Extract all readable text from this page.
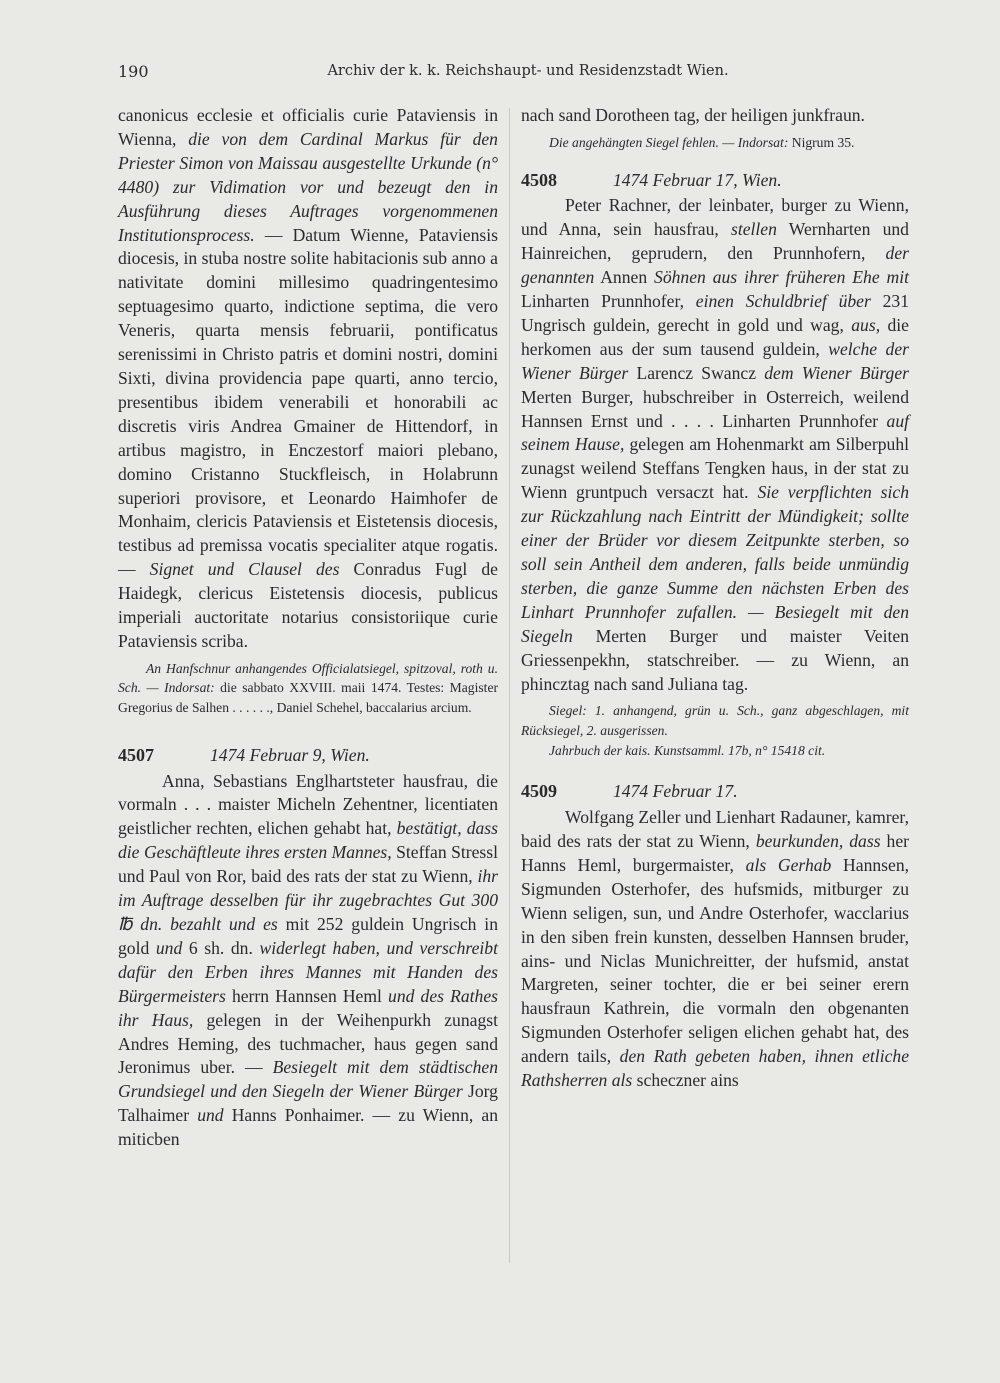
190	Archiv der k. k. Reichshaupt- und Residenzstadt Wien.

canonicus ecclesie et officialis curie Pataviensis in Wienna, die von dem Cardinal Markus für den Priester Simon von Maissau ausgestellte Urkunde (n° 4480) zur Vidimation vor und bezeugt den in Ausführung dieses Auftrages vorgenommenen Institutionsprocess. — Datum Wienne, Pataviensis diocesis, in stuba nostre solite habitacionis sub anno a nativitate domini millesimo quadringentesimo septuagesimo quarto, indictione septima, die vero Veneris, quarta mensis februarii, pontificatus serenissimi in Christo patris et domini nostri, domini Sixti, divina providencia pape quarti, anno tercio, presentibus ibidem venerabili et honorabili ac discretis viris Andrea Gmainer de Hittendorf, in artibus magistro, in Enczestorf maiori plebano, domino Cristanno Stuckfleisch, in Holabrunn superiori provisore, et Leonardo Haimhofer de Monhaim, clericis Pataviensis et Eistetensis diocesis, testibus ad premissa vocatis specialiter atque rogatis. — Signet und Clausel des Conradus Fugl de Haidegk, clericus Eistetensis diocesis, publicus imperiali auctoritate notarius consistoriique curie Pataviensis scriba.

An Hanfschnur anhangendes Officialatsiegel, spitzoval, roth u. Sch. — Indorsat: die sabbato XXVIII. maii 1474. Testes: Magister Gregorius de Salhen . . . . . ., Daniel Schehel, baccalarius arcium.

4507	1474 Februar 9, Wien.

Anna, Sebastians Englhartsteter hausfrau, die vormaln . . . maister Micheln Zehentner, licentiaten geistlicher rechten, elichen gehabt hat, bestätigt, dass die Geschäftleute ihres ersten Mannes, Steffan Stressl und Paul von Ror, baid des rats der stat zu Wienn, ihr im Auftrage desselben für ihr zugebrachtes Gut 300 ℔ dn. bezahlt und es mit 252 guldein Ungrisch in gold und 6 sh. dn. widerlegt haben, und verschreibt dafür den Erben ihres Mannes mit Handen des Bürgermeisters herrn Hannsen Heml und des Rathes ihr Haus, gelegen in der Weihenpurkh zunagst Andres Heming, des tuchmacher, haus gegen sand Jeronimus uber. — Besiegelt mit dem städtischen Grundsiegel und den Siegeln der Wiener Bürger Jorg Talhaimer und Hanns Ponhaimer. — zu Wienn, an miticben

nach sand Dorotheen tag, der heiligen junkfraun.

Die angehängten Siegel fehlen. — Indorsat: Nigrum 35.

4508	1474 Februar 17, Wien.

Peter Rachner, der leinbater, burger zu Wienn, und Anna, sein hausfrau, stellen Wernharten und Hainreichen, geprudern, den Prunnhofern, der genannten Annen Söhnen aus ihrer früheren Ehe mit Linharten Prunnhofer, einen Schuldbrief über 231 Ungrisch guldein, gerecht in gold und wag, aus, die herkomen aus der sum tausend guldein, welche der Wiener Bürger Larencz Swancz dem Wiener Bürger Merten Burger, hubschreiber in Osterreich, weilend Hannsen Ernst und . . . . Linharten Prunnhofer auf seinem Hause, gelegen am Hohenmarkt am Silberpuhl zunagst weilend Steffans Tengken haus, in der stat zu Wienn gruntpuch versaczt hat. Sie verpflichten sich zur Rückzahlung nach Eintritt der Mündigkeit; sollte einer der Brüder vor diesem Zeitpunkte sterben, so soll sein Antheil dem anderen, falls beide unmündig sterben, die ganze Summe den nächsten Erben des Linhart Prunnhofer zufallen. — Besiegelt mit den Siegeln Merten Burger und maister Veiten Griessenpekhn, statschreiber. — zu Wienn, an phincztag nach sand Juliana tag.

Siegel: 1. anhangend, grün u. Sch., ganz abgeschlagen, mit Rücksiegel, 2. ausgerissen.

Jahrbuch der kais. Kunstsamml. 17b, n° 15418 cit.

4509	1474 Februar 17.

Wolfgang Zeller und Lienhart Radauner, kamrer, baid des rats der stat zu Wienn, beurkunden, dass her Hanns Heml, burgermaister, als Gerhab Hannsen, Sigmunden Osterhofer, des hufsmids, mitburger zu Wienn seligen, sun, und Andre Osterhofer, wacclarius in den siben frein kunsten, desselben Hannsen bruder, ains- und Niclas Munichreitter, der hufsmid, anstat Margreten, seiner tochter, die er bei seiner erern hausfraun Kathrein, die vormaln den obgenanten Sigmunden Osterhofer seligen elichen gehabt hat, des andern tails, den Rath gebeten haben, ihnen etliche Rathsherren als scheczner ains
